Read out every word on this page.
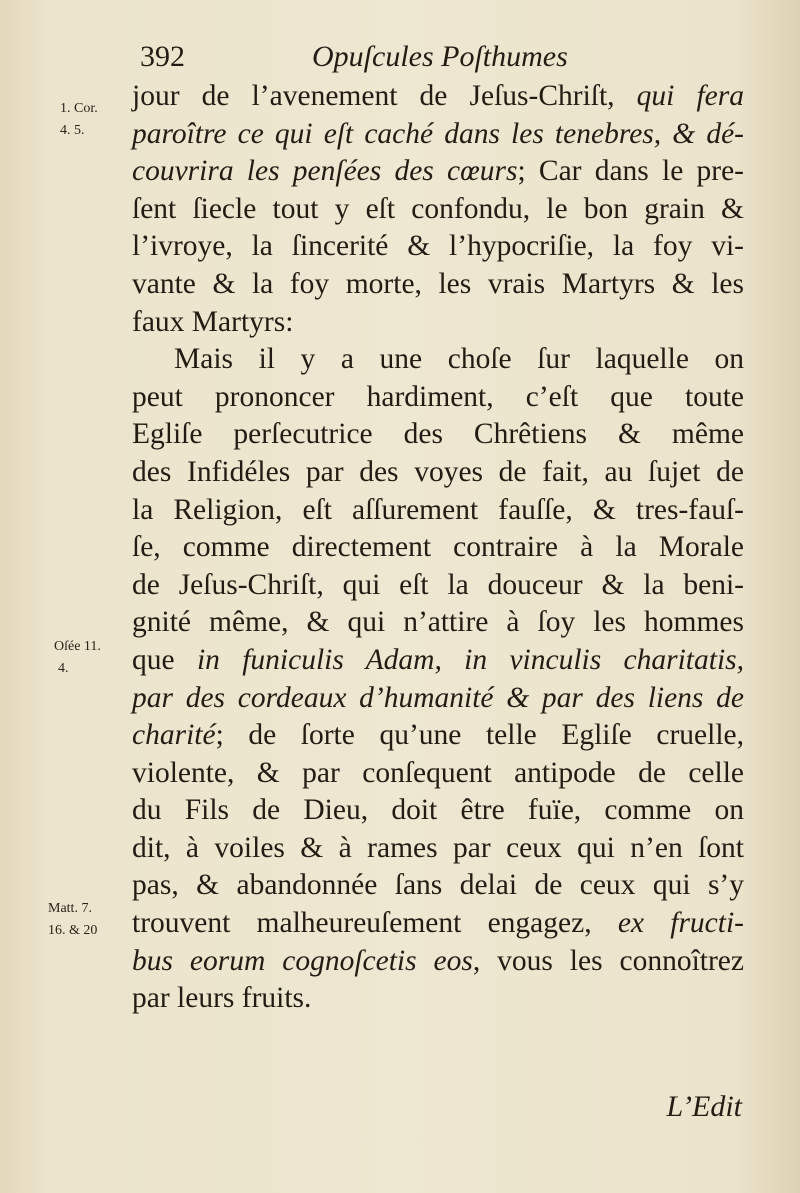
392	Opuſcules Poſthumes
1. Cor.
4. 5.
Oſée 11.
4.
Matt. 7.
16. & 20
jour de l’avenement de Jeſus-Chriſt, qui fera
paroître ce qui eſt caché dans les tenebres, & dé-
couvrira les penſées des cœurs; Car dans le pre-
ſent ſiecle tout y eſt confondu, le bon grain &
l’ivroye, la ſincerité & l’hypocriſie, la foy vi-
vante & la foy morte, les vrais Martyrs & les
faux Martyrs:
Mais il y a une choſe ſur laquelle on
peut prononcer hardiment, c’eſt que toute
Egliſe perſecutrice des Chrêtiens & même
des Infidéles par des voyes de fait, au ſujet de
la Religion, eſt aſſurement fauſſe, & tres-fauſ-
ſe, comme directement contraire à la Morale
de Jeſus-Chriſt, qui eſt la douceur & la beni-
gnité même, & qui n’attire à ſoy les hommes
que in funiculis Adam, in vinculis charitatis,
par des cordeaux d’humanité & par des liens de
charité; de ſorte qu’une telle Egliſe cruelle,
violente, & par conſequent antipode de celle
du Fils de Dieu, doit être fuïe, comme on
dit, à voiles & à rames par ceux qui n’en ſont
pas, & abandonnée ſans delai de ceux qui s’y
trouvent malheureuſement engagez, ex fructi-
bus eorum cognoſcetis eos, vous les connoîtrez
par leurs fruits.
L’Edit
